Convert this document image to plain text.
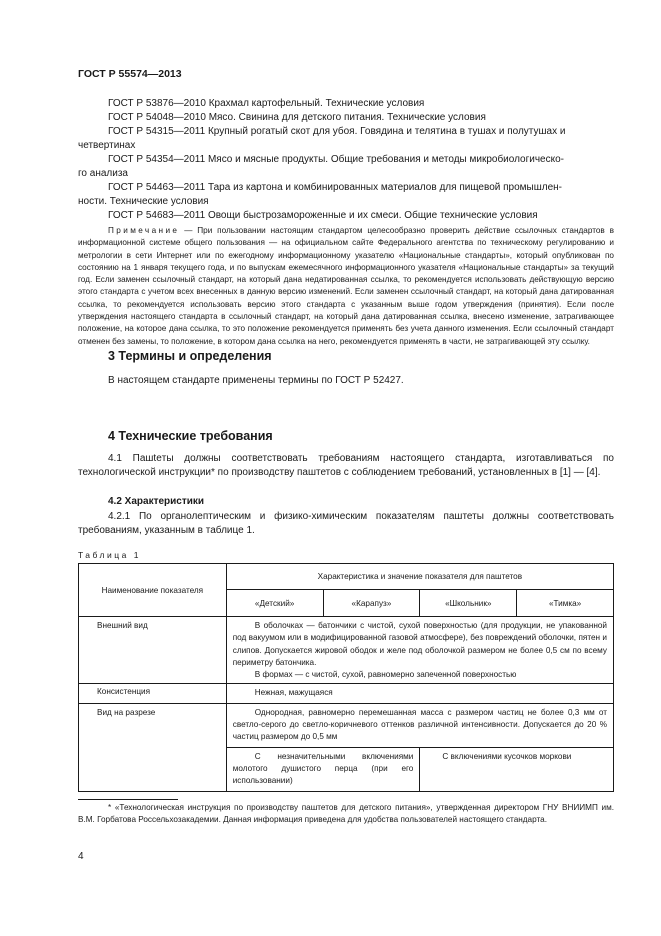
ГОСТ Р 55574—2013
ГОСТ Р 53876—2010 Крахмал картофельный. Технические условия
ГОСТ Р 54048—2010 Мясо. Свинина для детского питания. Технические условия
ГОСТ Р 54315—2011 Крупный рогатый скот для убоя. Говядина и телятина в тушах и полутушах и
четвертинах
ГОСТ Р 54354—2011 Мясо и мясные продукты. Общие требования и методы микробиологическо-
го анализа
ГОСТ Р 54463—2011 Тара из картона и комбинированных материалов для пищевой промышлен-
ности. Технические условия
ГОСТ Р 54683—2011 Овощи быстрозамороженные и их смеси. Общие технические условия
Примечание — При пользовании настоящим стандартом целесообразно проверить действие ссылочных стандартов в информационной системе общего пользования — на официальном сайте Федерального агентства по техническому регулированию и метрологии в сети Интернет или по ежегодному информационному указателю «Национальные стандарты», который опубликован по состоянию на 1 января текущего года, и по выпускам ежемесячного информационного указателя «Национальные стандарты» за текущий год. Если заменен ссылочный стандарт, на который дана недатированная ссылка, то рекомендуется использовать действующую версию этого стандарта с учетом всех внесенных в данную версию изменений. Если заменен ссылочный стандарт, на который дана датированная ссылка, то рекомендуется использовать версию этого стандарта с указанным выше годом утверждения (принятия). Если после утверждения настоящего стандарта в ссылочный стандарт, на который дана датированная ссылка, внесено изменение, затрагивающее положение, на которое дана ссылка, то это положение рекомендуется применять без учета данного изменения. Если ссылочный стандарт отменен без замены, то положение, в котором дана ссылка на него, рекомендуется применять в части, не затрагивающей эту ссылку.
3 Термины и определения
В настоящем стандарте применены термины по ГОСТ Р 52427.
4 Технические требования
4.1 Пашteты должны соответствовать требованиям настоящего стандарта, изготавливаться по технологической инструкции* по производству паштетов с соблюдением требований, установленных в [1] — [4].
4.2 Характеристики
4.2.1 По органолептическим и физико-химическим показателям паштеты должны соответствовать требованиям, указанным в таблице 1.
Таблица 1
Наименование показателя	Характеристика и значение показателя для паштетов			
	«Детский»	«Карапуз»	«Школьник»	«Тимка»

Внешний вид	В оболочках — батончики с чистой, сухой поверхностью (для продукции, не упакованной под вакуумом или в модифицированной газовой атмосфере), без повреждений оболочки, пятен и слипов. Допускается жировой ободок и желе под оболочкой размером не более 0,5 см по всему периметру батончика.
В формах — с чистой, сухой, равномерно запеченной поверхностью			

Консистенция	Нежная, мажущаяся			

Вид на разрезе	Однородная, равномерно перемешанная масса с размером частиц не более 0,3 мм от светло-серого до светло-коричневого оттенков различной интенсивности. Допускается до 20 % частиц размером до 0,5 мм			

	С незначительными включениями молотого душистого перца (при его использовании)		С включениями кусочков моркови	
* «Технологическая инструкция по производству паштетов для детского питания», утвержденная директором ГНУ ВНИИМП им. В.М. Горбатова Россельхозакадемии. Данная информация приведена для удобства пользователей настоящего стандарта.
4
